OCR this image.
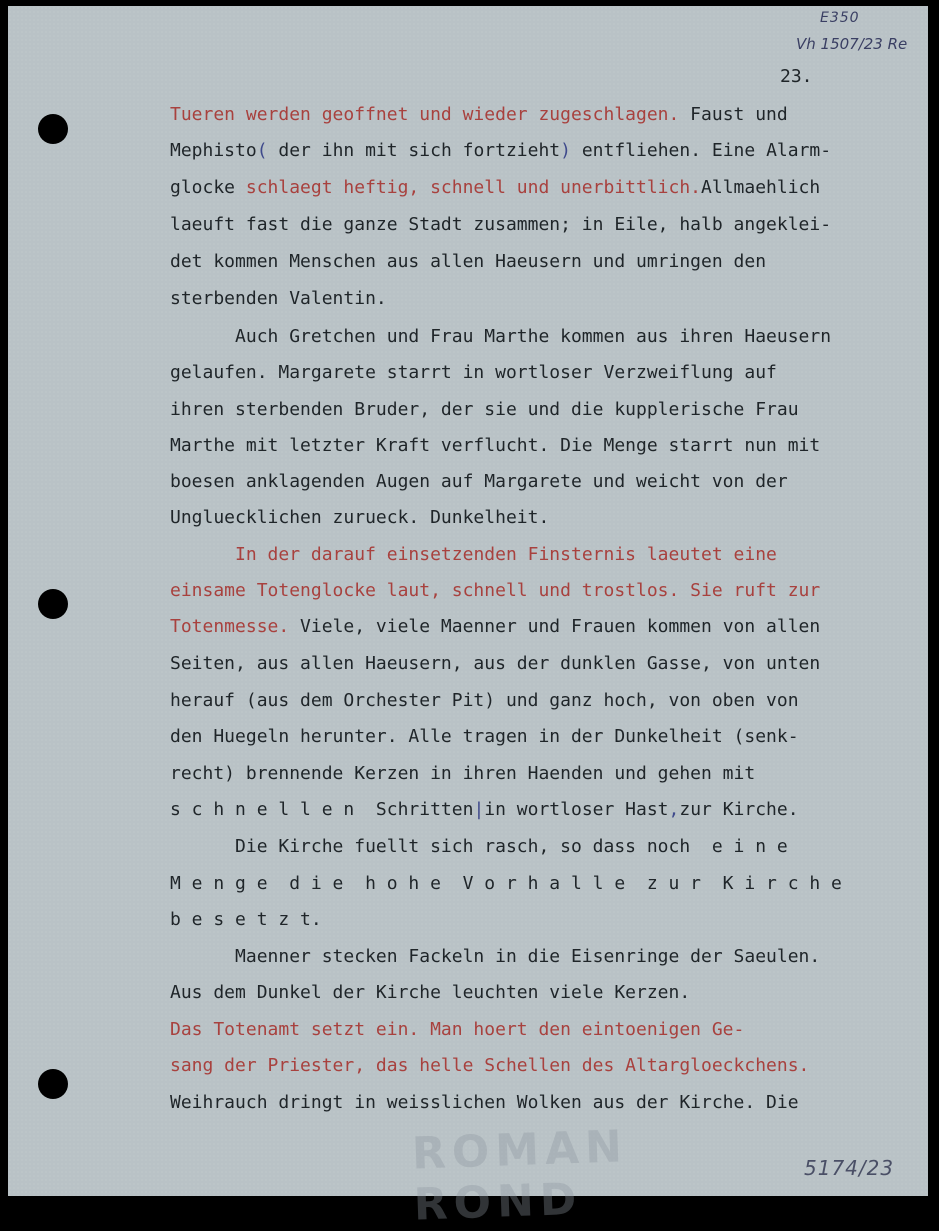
E350
Vh 1507/23 Re
23.

Tueren werden geoffnet und wieder zugeschlagen. Faust und

Mephisto( der ihn mit sich fortzieht) entfliehen. Eine Alarm-

glocke schlaegt heftig, schnell und unerbittlich.Allmaehlich

laeuft fast die ganze Stadt zusammen; in Eile, halb angeklei-

det kommen Menschen aus allen Haeusern und umringen den

sterbenden Valentin.

Auch Gretchen und Frau Marthe kommen aus ihren Haeusern

gelaufen. Margarete starrt in wortloser Verzweiflung auf

ihren sterbenden Bruder, der sie und die kupplerische Frau

Marthe mit letzter Kraft verflucht. Die Menge starrt nun mit

boesen anklagenden Augen auf Margarete und weicht von der

Ungluecklichen zurueck. Dunkelheit.

In der darauf einsetzenden Finsternis laeutet eine

einsame Totenglocke laut, schnell und trostlos. Sie ruft zur

Totenmesse. Viele, viele Maenner und Frauen kommen von allen

Seiten, aus allen Haeusern, aus der dunklen Gasse, von unten

herauf (aus dem Orchester Pit) und ganz hoch, von oben von

den Huegeln herunter. Alle tragen in der Dunkelheit (senk-

recht) brennende Kerzen in ihren Haenden und gehen mit

s c h n e l l e n  Schritten|in wortloser Hast,zur Kirche.

Die Kirche fuellt sich rasch, so dass noch  e i n e

M e n g e  d i e  h o h e  V o r h a l l e  z u r  K i r c h e

b e s e t z t.

Maenner stecken Fackeln in die Eisenringe der Saeulen.

Aus dem Dunkel der Kirche leuchten viele Kerzen.

Das Totenamt setzt ein. Man hoert den eintoenigen Ge-

sang der Priester, das helle Schellen des Altargloeckchens.

Weihrauch dringt in weisslichen Wolken aus der Kirche. Die

ROMAN ROND
5174/23
